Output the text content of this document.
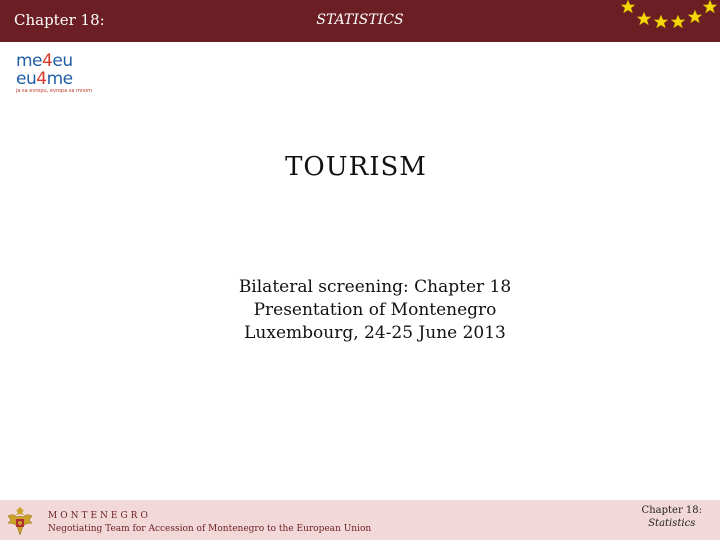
Chapter 18:	STATISTICS
me4eu
eu4me
ja sa evropu, evropa sa mnom
TOURISM
Bilateral screening: Chapter 18
Presentation of Montenegro
Luxembourg, 24-25 June 2013
MONTENEGRO
Negotiating Team for Accession of Montenegro to the European Union
Chapter 18:
Statistics
